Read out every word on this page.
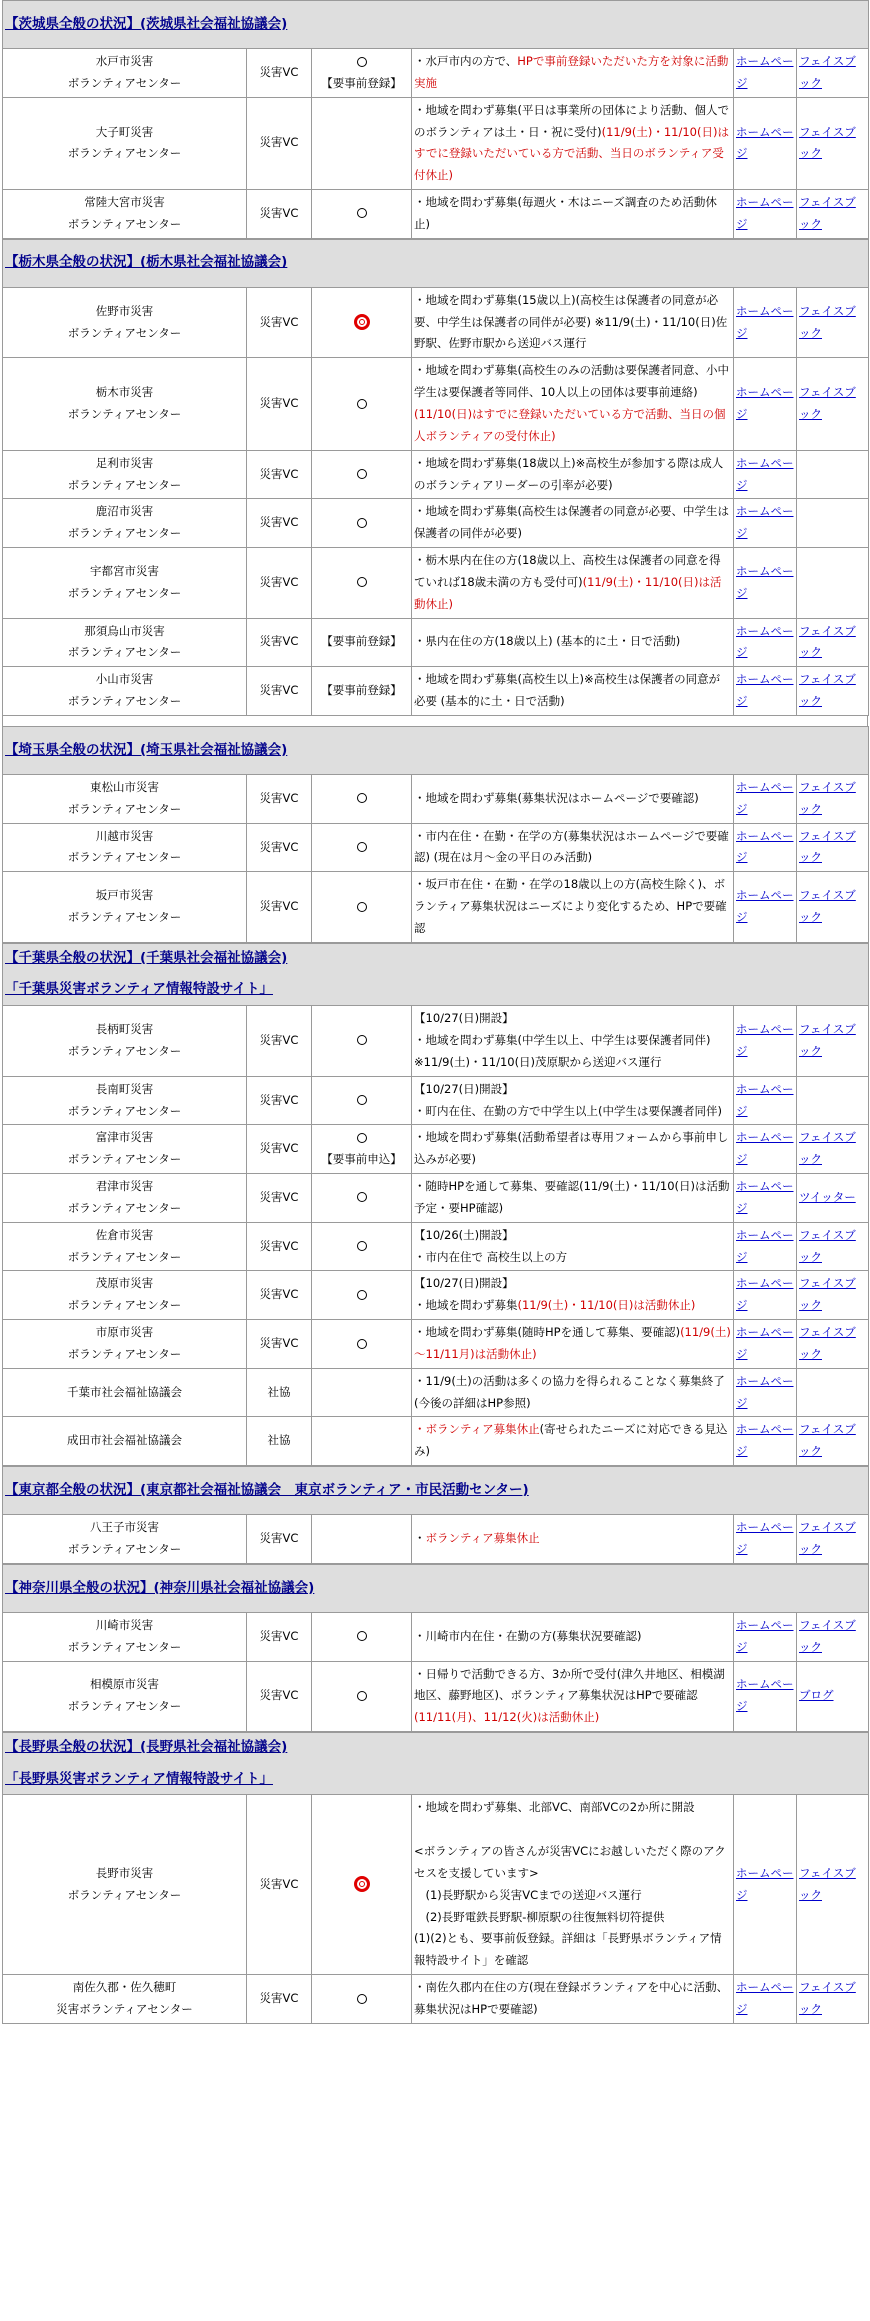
【茨城県全般の状況】(茨城県社会福祉協議会)					
水戸市災害
ボランティアセンター	災害VC	【要事前登録】	・水戸市内の方で、HPで事前登録いただいた方を対象に活動実施	ホームページ	フェイスブック
大子町災害
ボランティアセンター	災害VC		・地域を問わず募集(平日は事業所の団体により活動、個人でのボランティアは土・日・祝に受付)(11/9(土)・11/10(日)はすでに登録いただいている方で活動、当日のボランティア受付休止)	ホームページ	フェイスブック
常陸大宮市災害
ボランティアセンター	災害VC		・地域を問わず募集(毎週火・木はニーズ調査のため活動休止)	ホームページ	フェイスブック
【栃木県全般の状況】(栃木県社会福祉協議会)					
佐野市災害
ボランティアセンター	災害VC		・地域を問わず募集(15歳以上)(高校生は保護者の同意が必要、中学生は保護者の同伴が必要) ※11/9(土)・11/10(日)佐野駅、佐野市駅から送迎バス運行	ホームページ	フェイスブック
栃木市災害
ボランティアセンター	災害VC		・地域を問わず募集(高校生のみの活動は要保護者同意、小中学生は要保護者等同伴、10人以上の団体は要事前連絡)(11/10(日)はすでに登録いただいている方で活動、当日の個人ボランティアの受付休止)	ホームページ	フェイスブック
足利市災害
ボランティアセンター	災害VC		・地域を問わず募集(18歳以上)※高校生が参加する際は成人のボランティアリーダーの引率が必要)	ホームページ	
鹿沼市災害
ボランティアセンター	災害VC		・地域を問わず募集(高校生は保護者の同意が必要、中学生は保護者の同伴が必要)	ホームページ	
宇都宮市災害
ボランティアセンター	災害VC		・栃木県内在住の方(18歳以上、高校生は保護者の同意を得ていれば18歳未満の方も受付可)(11/9(土)・11/10(日)は活動休止)	ホームページ	
那須烏山市災害
ボランティアセンター	災害VC	【要事前登録】	・県内在住の方(18歳以上) (基本的に土・日で活動)	ホームページ	フェイスブック
小山市災害
ボランティアセンター	災害VC	【要事前登録】	・地域を問わず募集(高校生以上)※高校生は保護者の同意が必要 (基本的に土・日で活動)	ホームページ	フェイスブック
【埼玉県全般の状況】(埼玉県社会福祉協議会)					
東松山市災害
ボランティアセンター	災害VC		・地域を問わず募集(募集状況はホームページで要確認)	ホームページ	フェイスブック
川越市災害
ボランティアセンター	災害VC		・市内在住・在勤・在学の方(募集状況はホームページで要確認) (現在は月～金の平日のみ活動)	ホームページ	フェイスブック
坂戸市災害
ボランティアセンター	災害VC		・坂戸市在住・在勤・在学の18歳以上の方(高校生除く)、ボランティア募集状況はニーズにより変化するため、HPで要確認	ホームページ	フェイスブック
【千葉県全般の状況】(千葉県社会福祉協議会)
「千葉県災害ボランティア情報特設サイト」					

長柄町災害
ボランティアセンター	災害VC		【10/27(日)開設】
・地域を問わず募集(中学生以上、中学生は要保護者同伴) ※11/9(土)・11/10(日)茂原駅から送迎バス運行	ホームページ	フェイスブック
長南町災害
ボランティアセンター	災害VC		【10/27(日)開設】
・町内在住、在勤の方で中学生以上(中学生は要保護者同伴)	ホームページ	
富津市災害
ボランティアセンター	災害VC	【要事前申込】	・地域を問わず募集(活動希望者は専用フォームから事前申し込みが必要)	ホームページ	フェイスブック
君津市災害
ボランティアセンター	災害VC		・随時HPを通して募集、要確認(11/9(土)・11/10(日)は活動予定・要HP確認)	ホームページ	ツイッター
佐倉市災害
ボランティアセンター	災害VC		【10/26(土)開設】
・市内在住で 高校生以上の方	ホームページ	フェイスブック
茂原市災害
ボランティアセンター	災害VC		【10/27(日)開設】
・地域を問わず募集(11/9(土)・11/10(日)は活動休止)	ホームページ	フェイスブック
市原市災害
ボランティアセンター	災害VC		・地域を問わず募集(随時HPを通して募集、要確認)(11/9(土)～11/11月)は活動休止)	ホームページ	フェイスブック
千葉市社会福祉協議会	社協		・11/9(土)の活動は多くの協力を得られることなく募集終了(今後の詳細はHP参照)	ホームページ	
成田市社会福祉協議会	社協		・ボランティア募集休止(寄せられたニーズに対応できる見込み)	ホームページ	フェイスブック
【東京都全般の状況】(東京都社会福祉協議会　東京ボランティア・市民活動センター)
八王子市災害
ボランティアセンター	災害VC		・ボランティア募集休止	ホームページ	フェイスブック
【神奈川県全般の状況】(神奈川県社会福祉協議会)					
川崎市災害
ボランティアセンター	災害VC		・川崎市内在住・在勤の方(募集状況要確認)	ホームページ	フェイスブック
相模原市災害
ボランティアセンター	災害VC		・日帰りで活動できる方、3か所で受付(津久井地区、相模湖地区、藤野地区)、ボランティア募集状況はHPで要確認(11/11(月)、11/12(火)は活動休止)	ホームページ	ブログ
【長野県全般の状況】(長野県社会福祉協議会)
「長野県災害ボランティア情報特設サイト」					

長野市災害
ボランティアセンター	災害VC		・地域を問わず募集、北部VC、南部VCの2か所に開設

<ボランティアの皆さんが災害VCにお越しいただく際のアクセスを支援しています>
　(1)長野駅から災害VCまでの送迎バス運行
　(2)長野電鉄長野駅-柳原駅の往復無料切符提供
(1)(2)とも、要事前仮登録。詳細は「長野県ボランティア情報特設サイト」を確認	ホームページ	フェイスブック
南佐久郡・佐久穂町
災害ボランティアセンター	災害VC		・南佐久郡内在住の方(現在登録ボランティアを中心に活動、募集状況はHPで要確認)	ホームページ	フェイスブック
